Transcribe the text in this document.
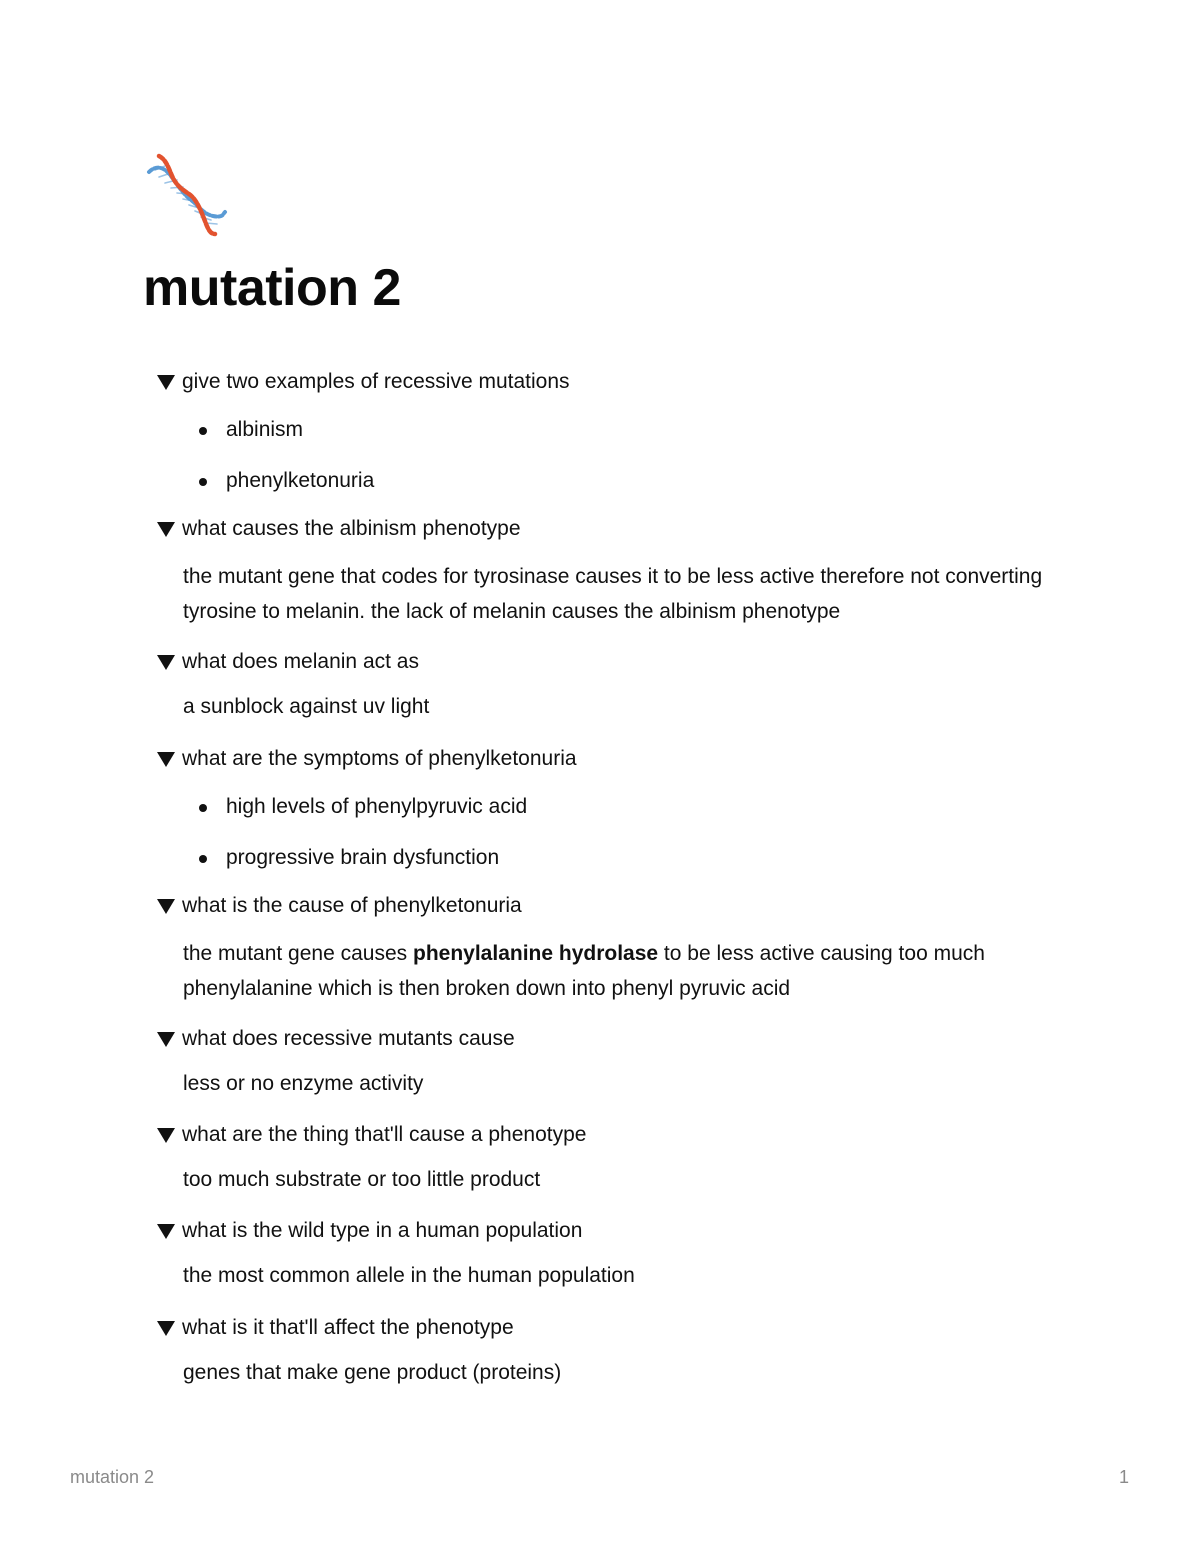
mutation 2
give two examples of recessive mutations
albinism
phenylketonuria
what causes the albinism phenotype

the mutant gene that codes for tyrosinase causes it to be less active therefore not converting tyrosine to melanin. the lack of melanin causes the albinism phenotype

what does melanin act as

a sunblock against uv light

what are the symptoms of phenylketonuria
high levels of phenylpyruvic acid
progressive brain dysfunction
what is the cause of phenylketonuria

the mutant gene causes phenylalanine hydrolase to be less active causing too much phenylalanine which is then broken down into phenyl pyruvic acid

what does recessive mutants cause

less or no enzyme activity

what are the thing that'll cause a phenotype

too much substrate or too little product

what is the wild type in a human population

the most common allele in the human population

what is it that'll affect the phenotype

genes that make gene product (proteins)

mutation 2	1
